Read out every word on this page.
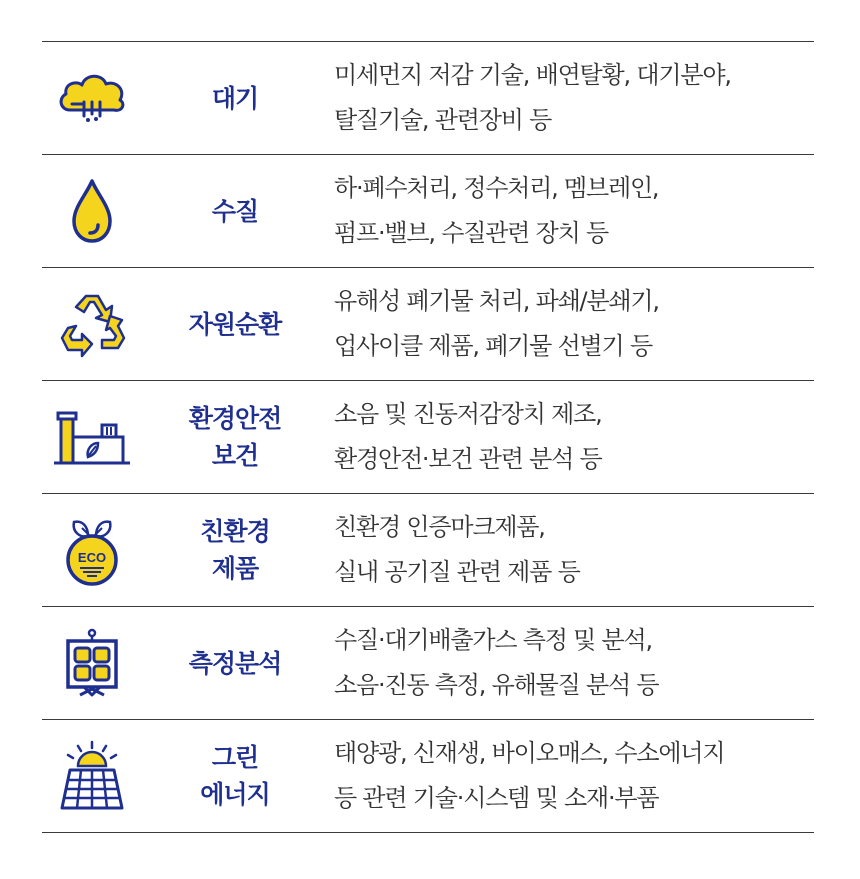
대기
미세먼지 저감 기술, 배연탈황, 대기분야,
탈질기술, 관련장비 등
수질
하·폐수처리, 정수처리, 멤브레인,
펌프·밸브, 수질관련 장치 등
자원순환
유해성 폐기물 처리, 파쇄/분쇄기,
업사이클 제품, 폐기물 선별기 등
환경안전
보건
소음 및 진동저감장치 제조,
환경안전·보건 관련 분석 등
ECO
친환경
제품
친환경 인증마크제품,
실내 공기질 관련 제품 등
측정분석
수질·대기배출가스 측정 및 분석,
소음·진동 측정, 유해물질 분석 등
그린
에너지
태양광, 신재생, 바이오매스, 수소에너지
등 관련 기술·시스템 및 소재·부품
